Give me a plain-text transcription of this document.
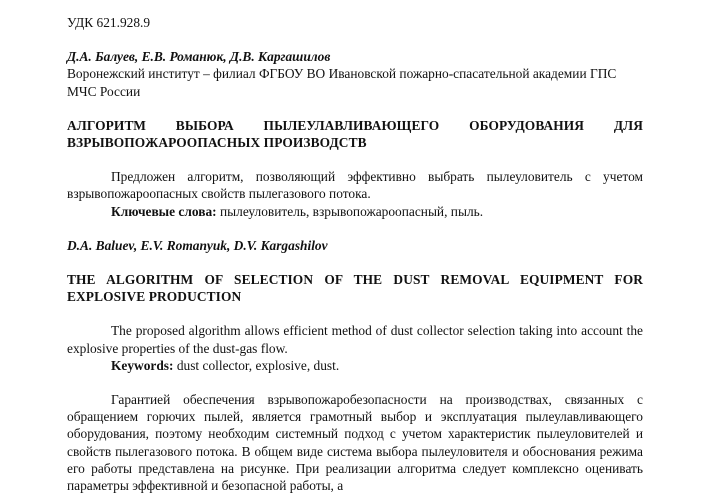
УДК 621.928.9

Д.А. Балуев, Е.В. Романюк, Д.В. Каргашилов

Воронежский институт – филиал ФГБОУ ВО Ивановской пожарно-спасательной академии ГПС МЧС России

АЛГОРИТМ ВЫБОРА ПЫЛЕУЛАВЛИВАЮЩЕГО ОБОРУДОВАНИЯ ДЛЯ ВЗРЫВОПОЖАРООПАСНЫХ ПРОИЗВОДСТВ

Предложен алгоритм, позволяющий эффективно выбрать пылеуловитель с учетом взрывопожароопасных свойств пылегазового потока.

Ключевые слова: пылеуловитель, взрывопожароопасный, пыль.

D.A. Baluev, E.V. Romanyuk, D.V. Kargashilov

THE ALGORITHM OF SELECTION OF THE DUST REMOVAL EQUIPMENT FOR EXPLOSIVE PRODUCTION

The proposed algorithm allows efficient method of dust collector selection taking into account the explosive properties of the dust-gas flow.

Keywords: dust collector, explosive, dust.

Гарантией обеспечения взрывопожаробезопасности на производствах, связанных с обращением горючих пылей, является грамотный выбор и эксплуатация пылеулавливающего оборудования, поэтому необходим системный подход с учетом характеристик пылеуловителей и свойств пылегазового потока. В общем виде система выбора пылеуловителя и обоснования режима его работы представлена на рисунке. При реализации алгоритма следует комплексно оценивать параметры эффективной и безопасной работы, а
